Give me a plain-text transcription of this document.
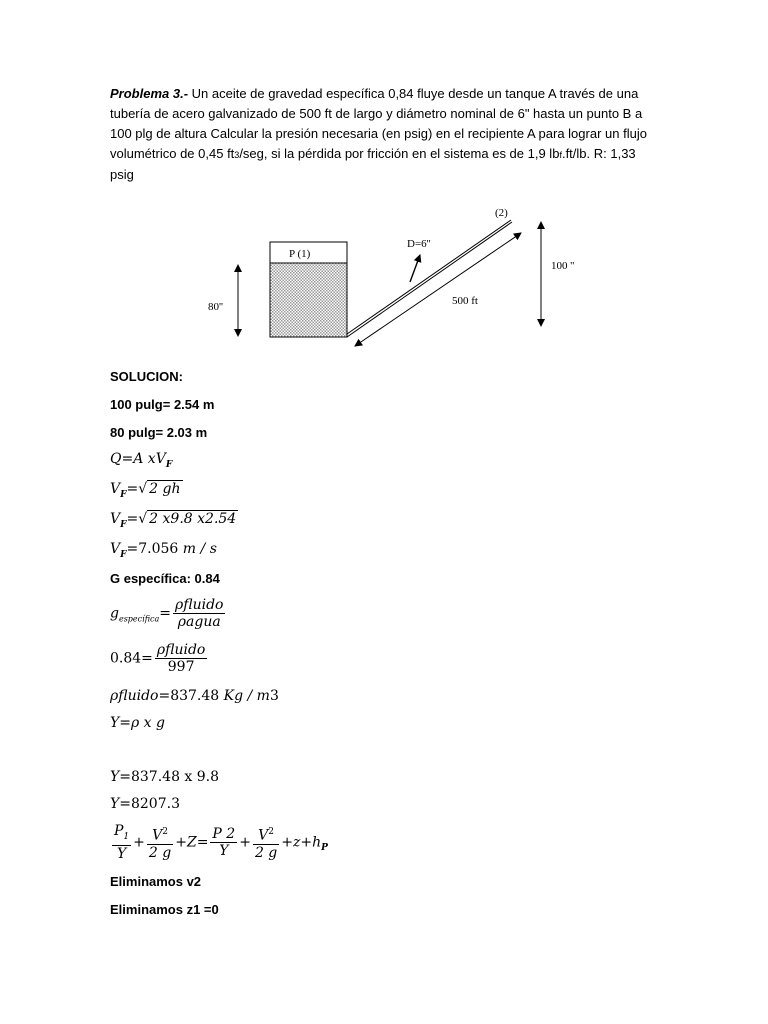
Problema 3.- Un aceite de gravedad específica 0,84 fluye desde un tanque A través de una tubería de acero galvanizado de 500 ft de largo y diámetro nominal de 6" hasta un punto B a 100 plg de altura Calcular la presión necesaria (en psig) en el recipiente A para lograr un flujo volumétrico de 0,45 ft3/seg, si la pérdida por fricción en el sistema es de 1,9 lbf.ft/lb. R: 1,33 psig

P (1)
80''
D=6''
500 ft
(2)
100 ''

SOLUCION:

100 pulg= 2.54 m

80 pulg= 2.03 m

Q=A $xV_F$

$V_F=√$ 2 gh

$V_F=√$ 2 x9.8 x2.54

$V_F=7.056$ m / s

G específica: 0.84

$g_{específica}= \frac{\text{ρfluido}}{\text{ρagua}}$

$0.84= \frac{\text{ρfluido}}{997}$

ρfluido=837.48 Kg / m3

Y=ρ x g

Y=837.48 x 9.8

Y=8207.3

$\frac{P_1}{Y} + \frac{V^2}{2 g} +Z= \frac{P 2}{Y} + \frac{V^2}{2 g} +z+h_P$

Eliminamos v2

Eliminamos z1 =0
